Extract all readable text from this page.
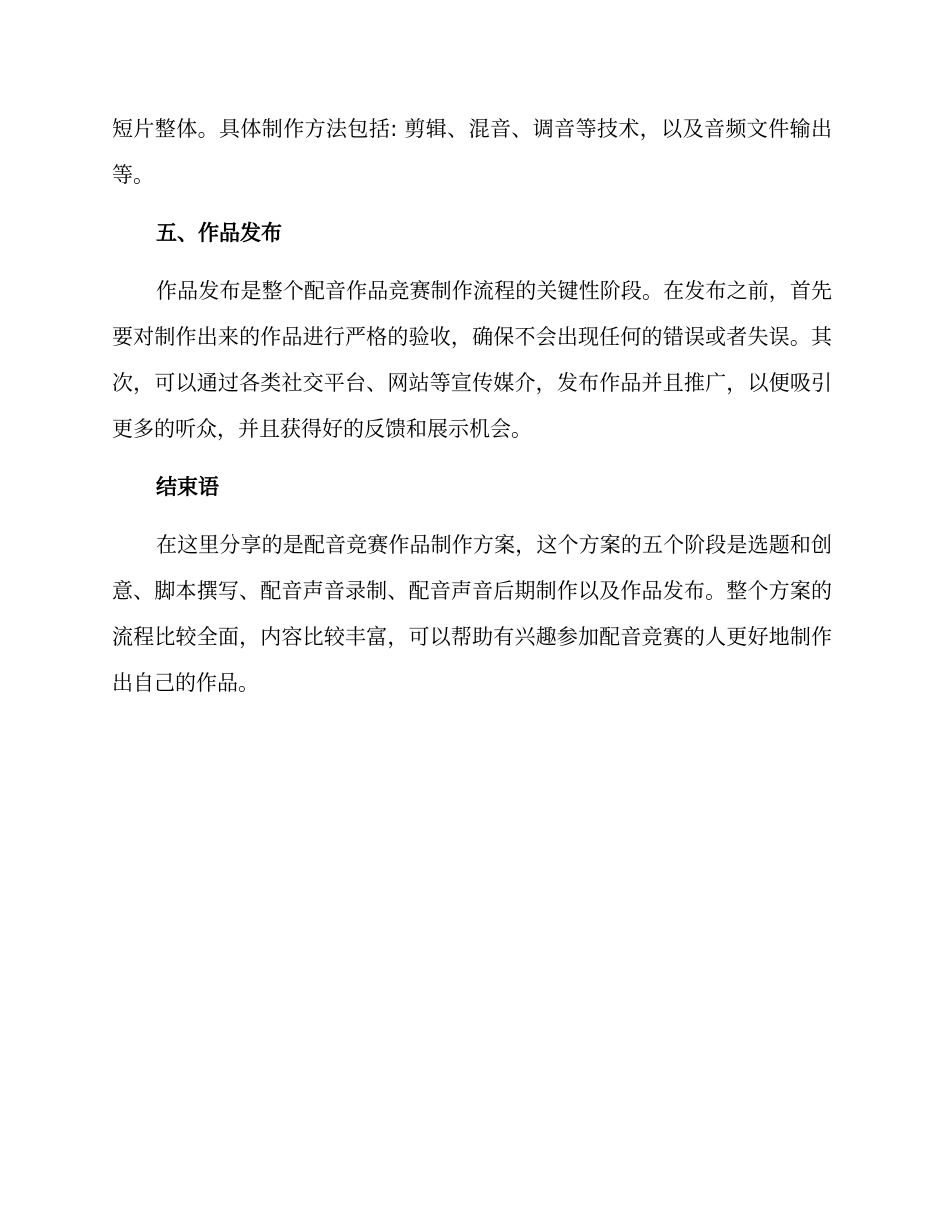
短片整体。具体制作方法包括: 剪辑、混音、调音等技术，以及音频文件输出等。

五、作品发布

作品发布是整个配音作品竞赛制作流程的关键性阶段。在发布之前，首先要对制作出来的作品进行严格的验收，确保不会出现任何的错误或者失误。其次，可以通过各类社交平台、网站等宣传媒介，发布作品并且推广，以便吸引更多的听众，并且获得好的反馈和展示机会。

结束语

在这里分享的是配音竞赛作品制作方案，这个方案的五个阶段是选题和创意、脚本撰写、配音声音录制、配音声音后期制作以及作品发布。整个方案的流程比较全面，内容比较丰富，可以帮助有兴趣参加配音竞赛的人更好地制作出自己的作品。
